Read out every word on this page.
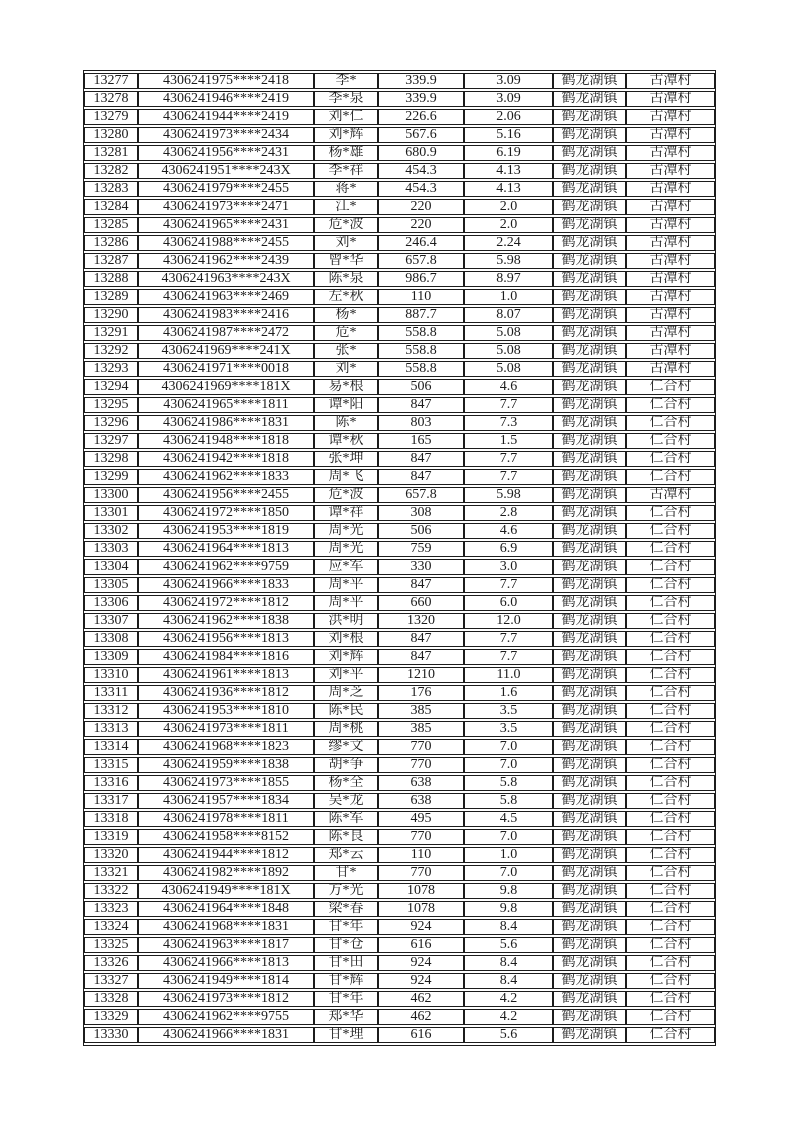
13277	4306241975****2418	李*	339.9	3.09	鹤龙湖镇	古潭村
13278	4306241946****2419	李*泉	339.9	3.09	鹤龙湖镇	古潭村
13279	4306241944****2419	刘*仁	226.6	2.06	鹤龙湖镇	古潭村
13280	4306241973****2434	刘*辉	567.6	5.16	鹤龙湖镇	古潭村
13281	4306241956****2431	杨*雄	680.9	6.19	鹤龙湖镇	古潭村
13282	4306241951****243X	李*祥	454.3	4.13	鹤龙湖镇	古潭村
13283	4306241979****2455	蒋*	454.3	4.13	鹤龙湖镇	古潭村
13284	4306241973****2471	江*	220	2.0	鹤龙湖镇	古潭村
13285	4306241965****2431	危*波	220	2.0	鹤龙湖镇	古潭村
13286	4306241988****2455	刘*	246.4	2.24	鹤龙湖镇	古潭村
13287	4306241962****2439	曾*华	657.8	5.98	鹤龙湖镇	古潭村
13288	4306241963****243X	陈*泉	986.7	8.97	鹤龙湖镇	古潭村
13289	4306241963****2469	左*秋	110	1.0	鹤龙湖镇	古潭村
13290	4306241983****2416	杨*	887.7	8.07	鹤龙湖镇	古潭村
13291	4306241987****2472	危*	558.8	5.08	鹤龙湖镇	古潭村
13292	4306241969****241X	张*	558.8	5.08	鹤龙湖镇	古潭村
13293	4306241971****0018	刘*	558.8	5.08	鹤龙湖镇	古潭村
13294	4306241969****181X	易*根	506	4.6	鹤龙湖镇	仁合村
13295	4306241965****1811	谭*阳	847	7.7	鹤龙湖镇	仁合村
13296	4306241986****1831	陈*	803	7.3	鹤龙湖镇	仁合村
13297	4306241948****1818	谭*秋	165	1.5	鹤龙湖镇	仁合村
13298	4306241942****1818	张*坤	847	7.7	鹤龙湖镇	仁合村
13299	4306241962****1833	周*飞	847	7.7	鹤龙湖镇	仁合村
13300	4306241956****2455	危*波	657.8	5.98	鹤龙湖镇	古潭村
13301	4306241972****1850	谭*祥	308	2.8	鹤龙湖镇	仁合村
13302	4306241953****1819	周*光	506	4.6	鹤龙湖镇	仁合村
13303	4306241964****1813	周*光	759	6.9	鹤龙湖镇	仁合村
13304	4306241962****9759	应*军	330	3.0	鹤龙湖镇	仁合村
13305	4306241966****1833	周*平	847	7.7	鹤龙湖镇	仁合村
13306	4306241972****1812	周*平	660	6.0	鹤龙湖镇	仁合村
13307	4306241962****1838	洪*明	1320	12.0	鹤龙湖镇	仁合村
13308	4306241956****1813	刘*根	847	7.7	鹤龙湖镇	仁合村
13309	4306241984****1816	刘*辉	847	7.7	鹤龙湖镇	仁合村
13310	4306241961****1813	刘*平	1210	11.0	鹤龙湖镇	仁合村
13311	4306241936****1812	周*芝	176	1.6	鹤龙湖镇	仁合村
13312	4306241953****1810	陈*民	385	3.5	鹤龙湖镇	仁合村
13313	4306241973****1811	周*桃	385	3.5	鹤龙湖镇	仁合村
13314	4306241968****1823	缪*文	770	7.0	鹤龙湖镇	仁合村
13315	4306241959****1838	胡*争	770	7.0	鹤龙湖镇	仁合村
13316	4306241973****1855	杨*全	638	5.8	鹤龙湖镇	仁合村
13317	4306241957****1834	吴*龙	638	5.8	鹤龙湖镇	仁合村
13318	4306241978****1811	陈*军	495	4.5	鹤龙湖镇	仁合村
13319	4306241958****8152	陈*良	770	7.0	鹤龙湖镇	仁合村
13320	4306241944****1812	郑*云	110	1.0	鹤龙湖镇	仁合村
13321	4306241982****1892	甘*	770	7.0	鹤龙湖镇	仁合村
13322	4306241949****181X	方*光	1078	9.8	鹤龙湖镇	仁合村
13323	4306241964****1848	梁*春	1078	9.8	鹤龙湖镇	仁合村
13324	4306241968****1831	甘*年	924	8.4	鹤龙湖镇	仁合村
13325	4306241963****1817	甘*仓	616	5.6	鹤龙湖镇	仁合村
13326	4306241966****1813	甘*田	924	8.4	鹤龙湖镇	仁合村
13327	4306241949****1814	甘*辉	924	8.4	鹤龙湖镇	仁合村
13328	4306241973****1812	甘*年	462	4.2	鹤龙湖镇	仁合村
13329	4306241962****9755	郑*华	462	4.2	鹤龙湖镇	仁合村
13330	4306241966****1831	甘*理	616	5.6	鹤龙湖镇	仁合村
